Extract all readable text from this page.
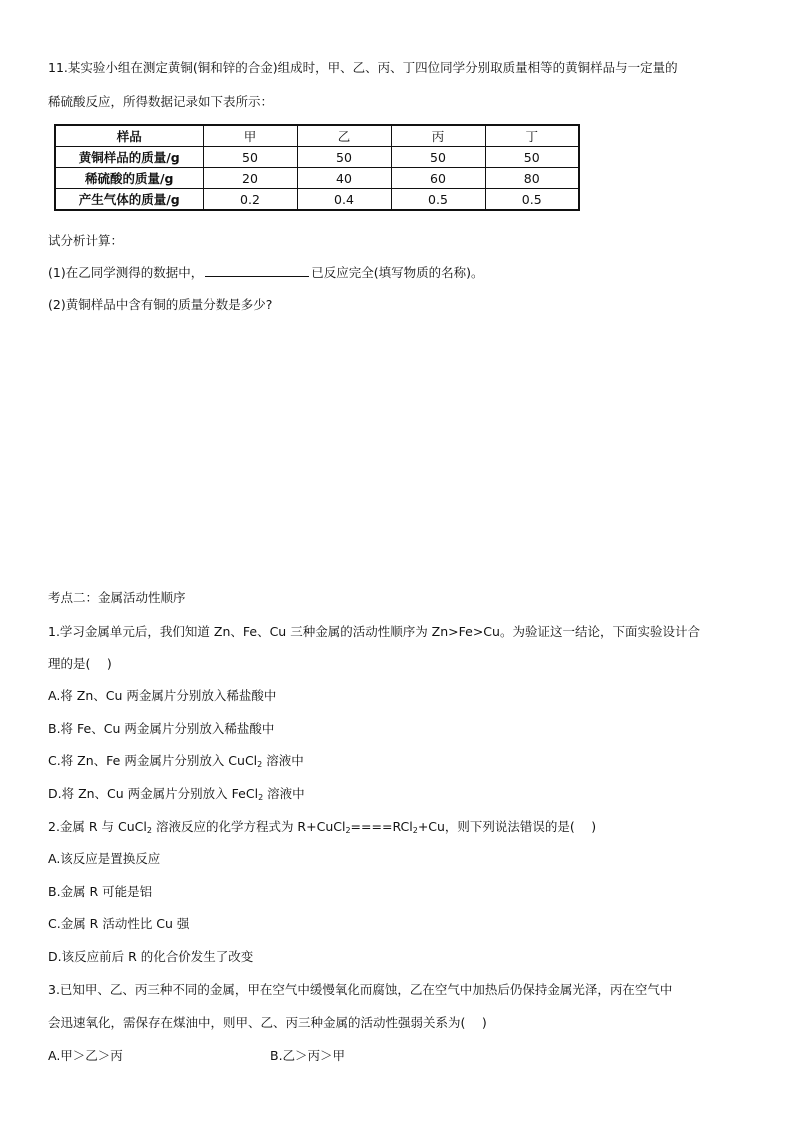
11.某实验小组在测定黄铜(铜和锌的合金)组成时，甲、乙、丙、丁四位同学分别取质量相等的黄铜样品与一定量的
稀硫酸反应，所得数据记录如下表所示：
样品	甲	乙	丙	丁
黄铜样品的质量/g	50	50	50	50
稀硫酸的质量/g	20	40	60	80
产生气体的质量/g	0.2	0.4	0.5	0.5
试分析计算：
(1)在乙同学测得的数据中，	已反应完全(填写物质的名称)。
(2)黄铜样品中含有铜的质量分数是多少?
考点二：金属活动性顺序
1.学习金属单元后，我们知道 Zn、Fe、Cu 三种金属的活动性顺序为 Zn>Fe>Cu。为验证这一结论，下面实验设计合
理的是(　 )
A.将 Zn、Cu 两金属片分别放入稀盐酸中
B.将 Fe、Cu 两金属片分别放入稀盐酸中
C.将 Zn、Fe 两金属片分别放入 CuCl$_2$ 溶液中
D.将 Zn、Cu 两金属片分别放入 FeCl$_2$ 溶液中
2.金属 R 与 CuCl$_2$ 溶液反应的化学方程式为 R+CuCl$_2$====RCl$_2$+Cu，则下列说法错误的是(　 )
A.该反应是置换反应
B.金属 R 可能是铝
C.金属 R 活动性比 Cu 强
D.该反应前后 R 的化合价发生了改变
3.已知甲、乙、丙三种不同的金属，甲在空气中缓慢氧化而腐蚀，乙在空气中加热后仍保持金属光泽，丙在空气中
会迅速氧化，需保存在煤油中，则甲、乙、丙三种金属的活动性强弱关系为(　 )
A.甲＞乙＞丙	B.乙＞丙＞甲
